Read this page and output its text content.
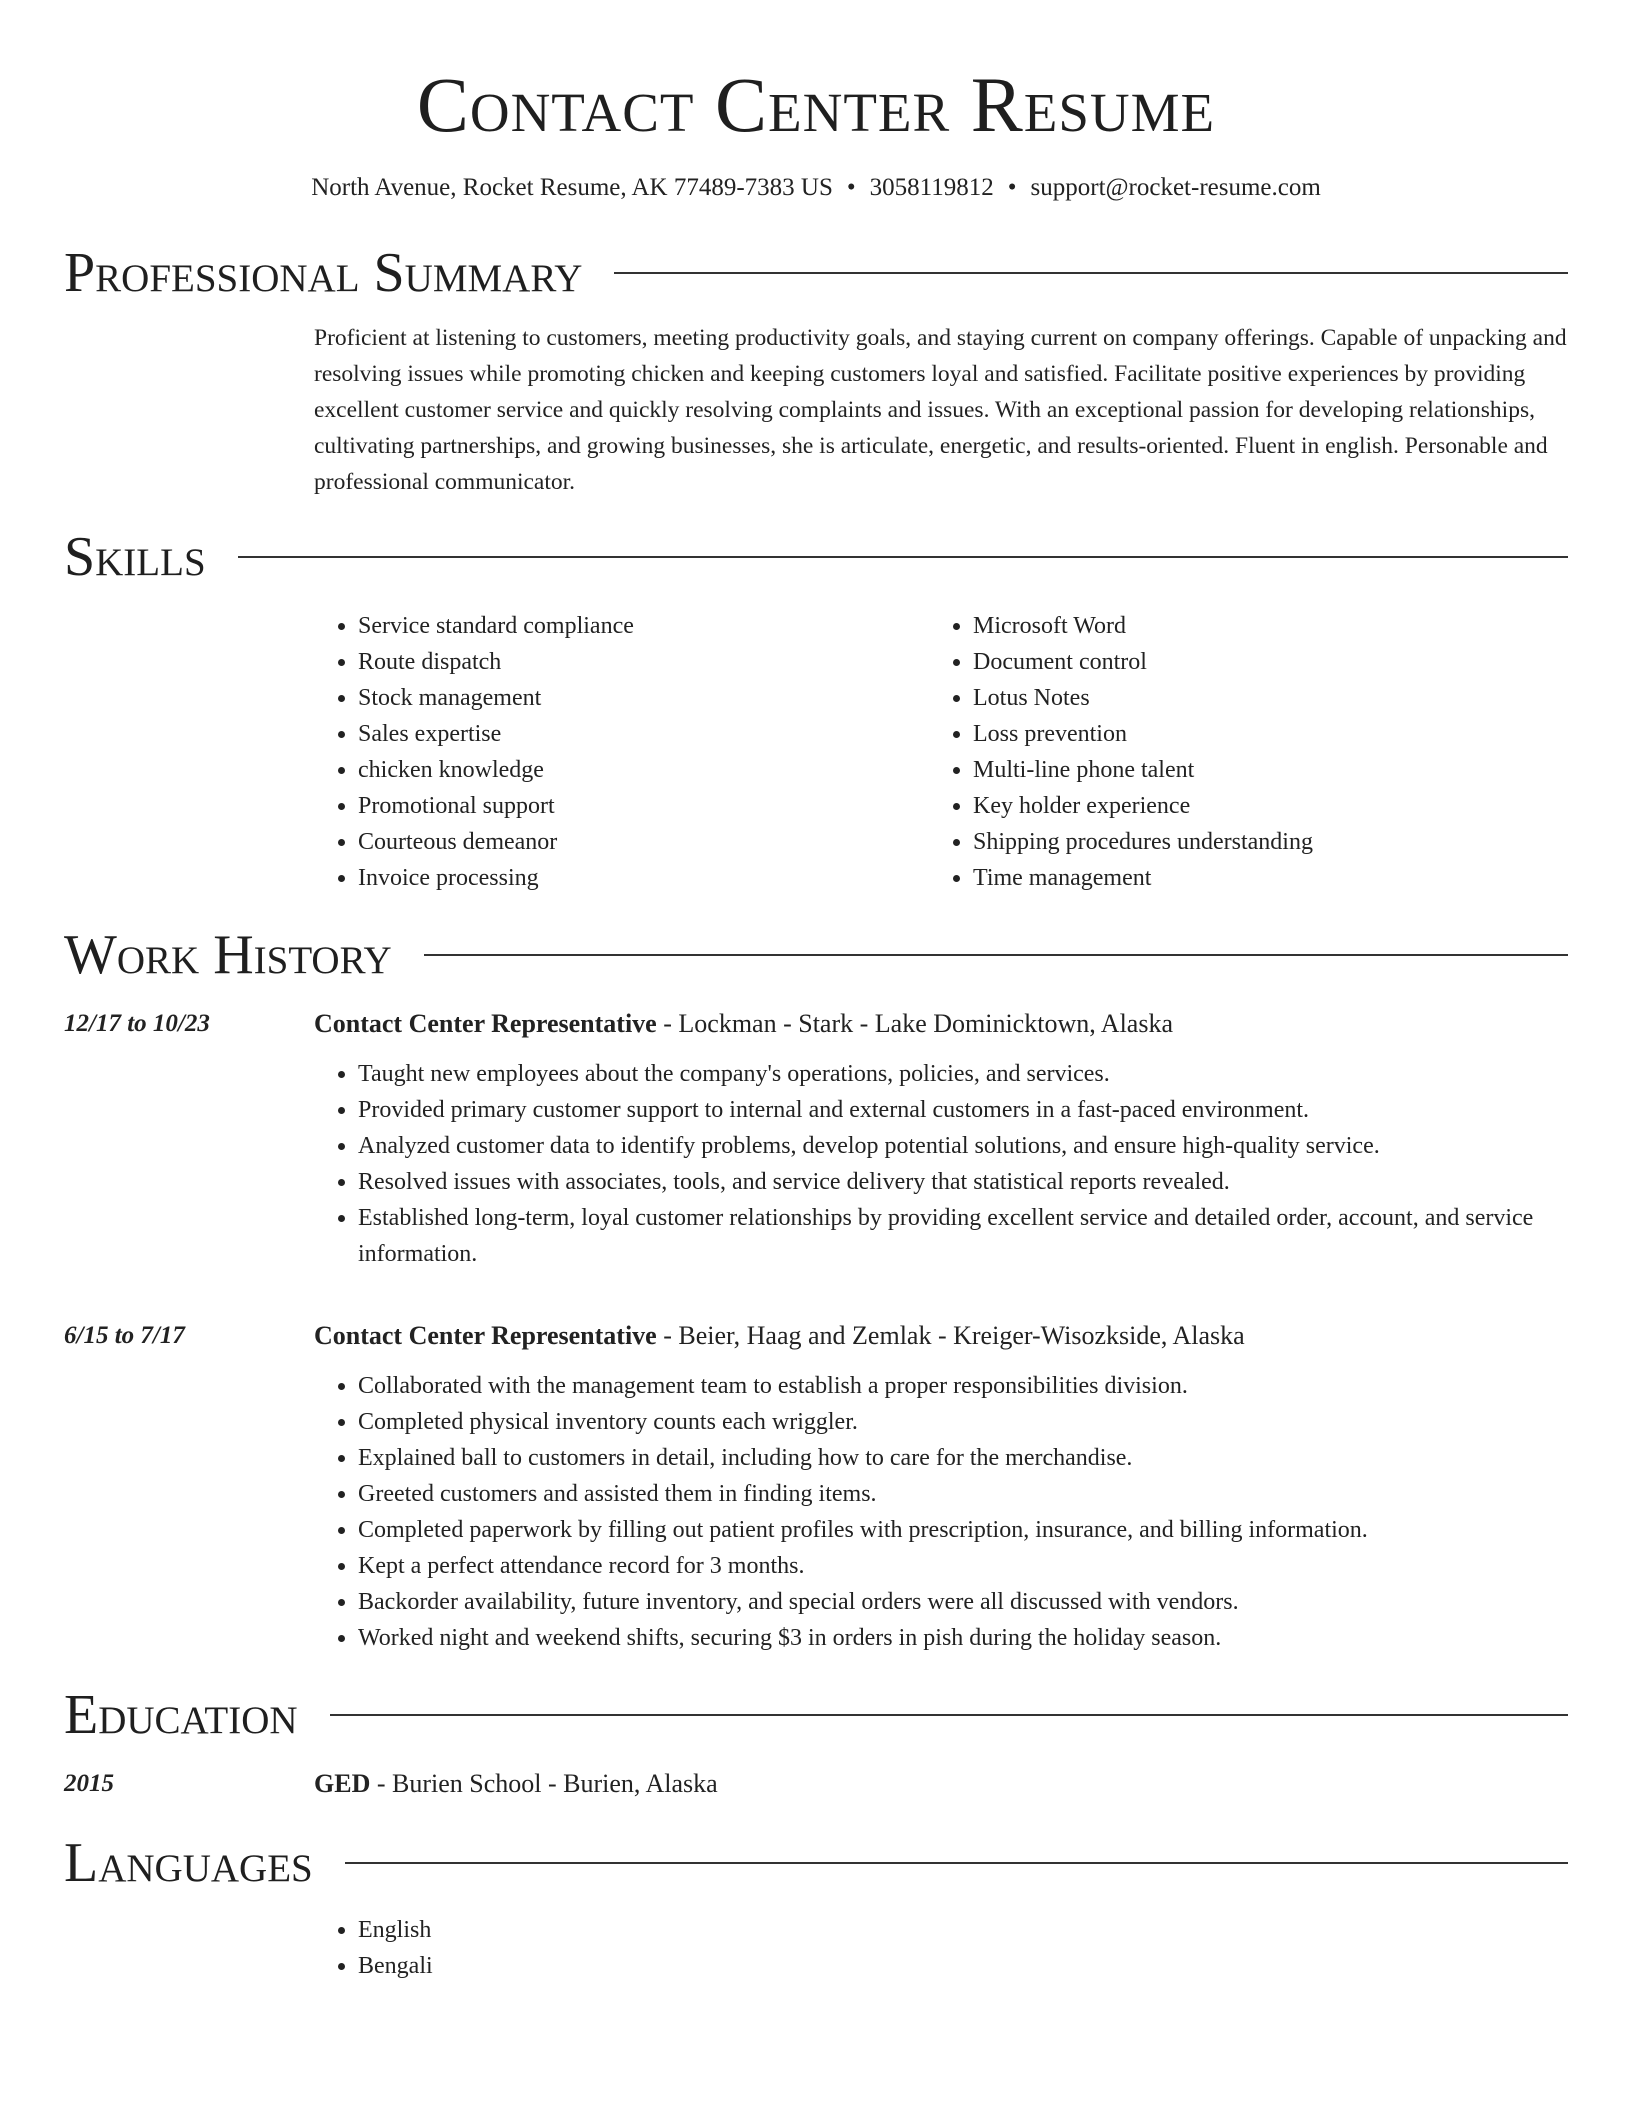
Contact Center Resume
North Avenue, Rocket Resume, AK 77489-7383 US • 3058119812 • support@rocket-resume.com
Professional Summary
Proficient at listening to customers, meeting productivity goals, and staying current on company offerings. Capable of unpacking and resolving issues while promoting chicken and keeping customers loyal and satisfied. Facilitate positive experiences by providing excellent customer service and quickly resolving complaints and issues. With an exceptional passion for developing relationships, cultivating partnerships, and growing businesses, she is articulate, energetic, and results-oriented. Fluent in english. Personable and professional communicator.
Skills
• Service standard compliance
• Route dispatch
• Stock management
• Sales expertise
• chicken knowledge
• Promotional support
• Courteous demeanor
• Invoice processing
• Microsoft Word
• Document control
• Lotus Notes
• Loss prevention
• Multi-line phone talent
• Key holder experience
• Shipping procedures understanding
• Time management
Work History
12/17 to 10/23	Contact Center Representative - Lockman - Stark - Lake Dominicktown, Alaska
• Taught new employees about the company's operations, policies, and services.
• Provided primary customer support to internal and external customers in a fast-paced environment.
• Analyzed customer data to identify problems, develop potential solutions, and ensure high-quality service.
• Resolved issues with associates, tools, and service delivery that statistical reports revealed.
• Established long-term, loyal customer relationships by providing excellent service and detailed order, account, and service information.
6/15 to 7/17	Contact Center Representative - Beier, Haag and Zemlak - Kreiger-Wisozkside, Alaska
• Collaborated with the management team to establish a proper responsibilities division.
• Completed physical inventory counts each wriggler.
• Explained ball to customers in detail, including how to care for the merchandise.
• Greeted customers and assisted them in finding items.
• Completed paperwork by filling out patient profiles with prescription, insurance, and billing information.
• Kept a perfect attendance record for 3 months.
• Backorder availability, future inventory, and special orders were all discussed with vendors.
• Worked night and weekend shifts, securing $3 in orders in pish during the holiday season.
Education
2015	GED - Burien School - Burien, Alaska
Languages
• English
• Bengali
